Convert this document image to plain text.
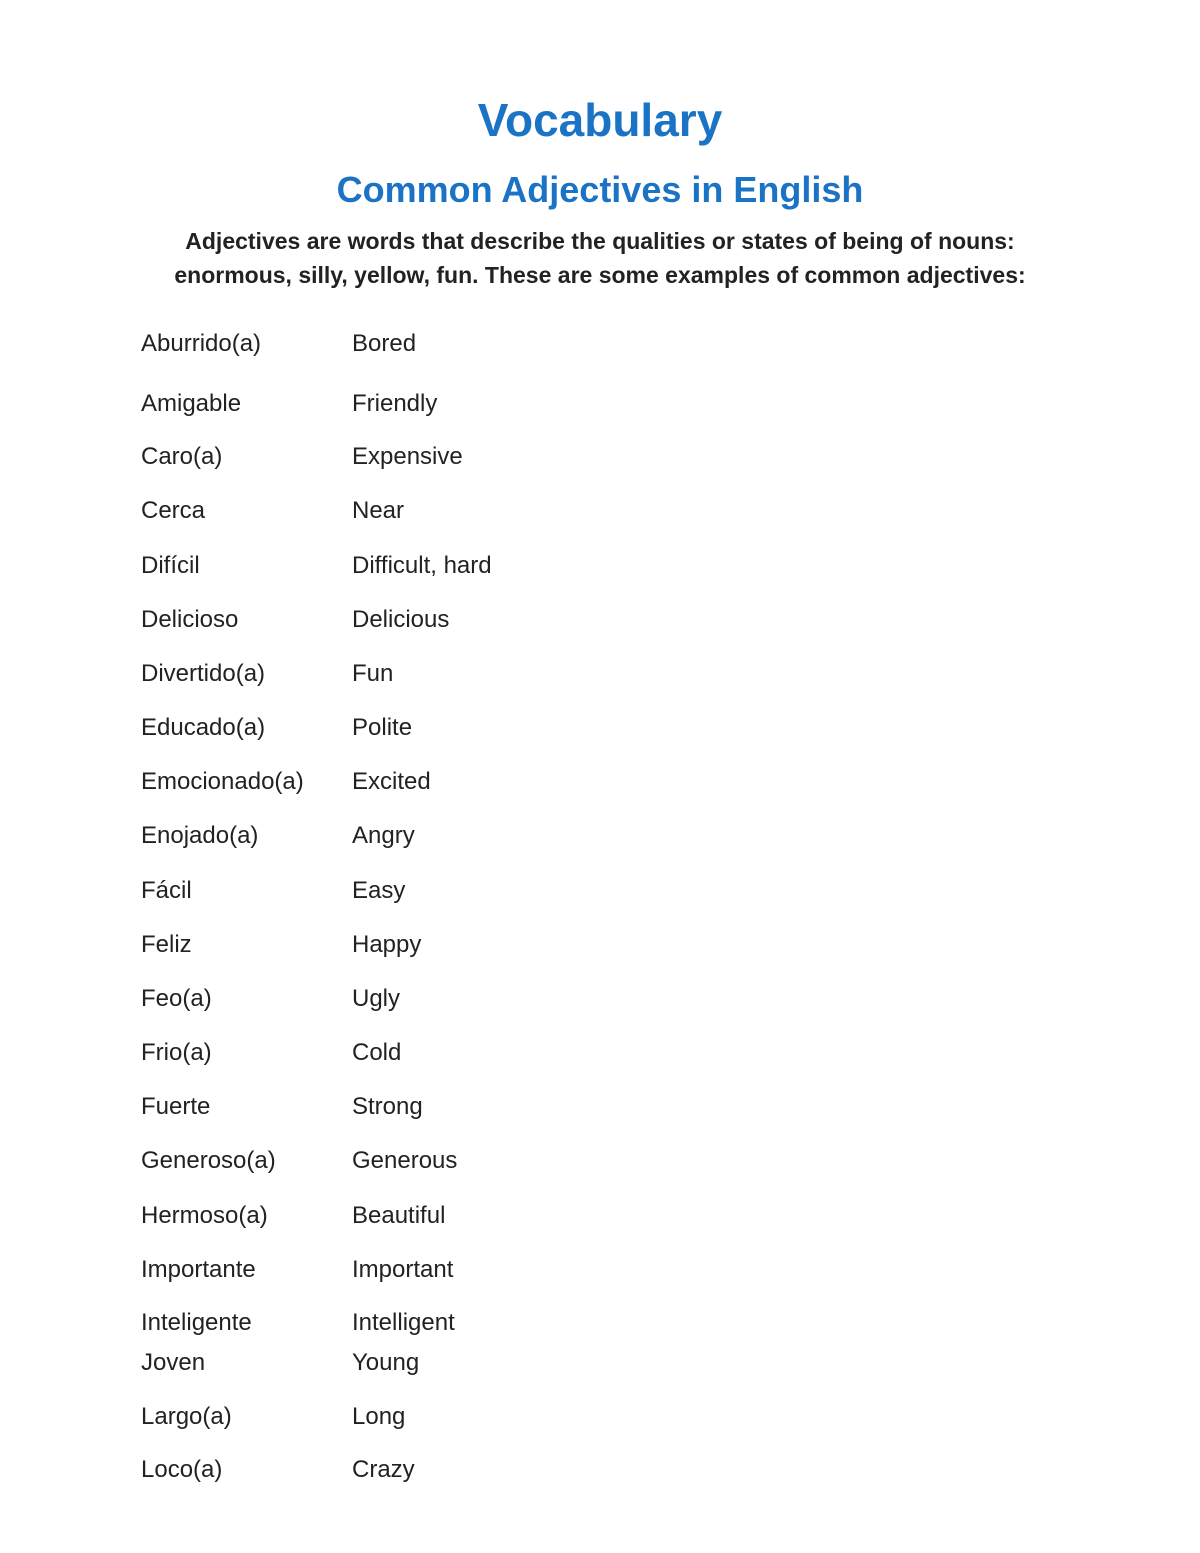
Vocabulary
Common Adjectives in English

Adjectives are words that describe the qualities or states of being of nouns:
enormous, silly, yellow, fun. These are some examples of common adjectives:

Aburrido(a)	Bored
Amigable	Friendly
Caro(a)	Expensive
Cerca	Near
Difícil	Difficult, hard
Delicioso	Delicious
Divertido(a)	Fun
Educado(a)	Polite
Emocionado(a)	Excited
Enojado(a)	Angry
Fácil	Easy
Feliz	Happy
Feo(a)	Ugly
Frio(a)	Cold
Fuerte	Strong
Generoso(a)	Generous
Hermoso(a)	Beautiful
Importante	Important
Inteligente	Intelligent
Joven	Young
Largo(a)	Long
Loco(a)	Crazy
